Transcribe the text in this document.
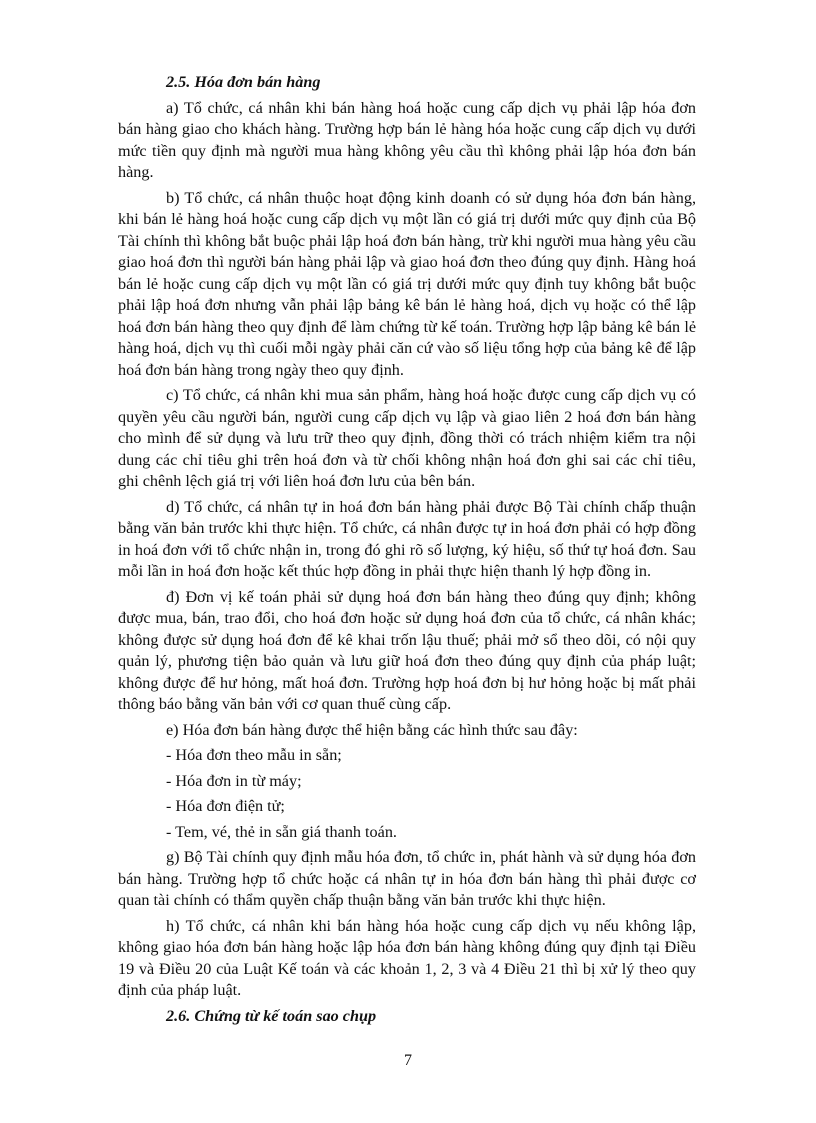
2.5. Hóa đơn bán hàng

a) Tổ chức, cá nhân khi bán hàng hoá hoặc cung cấp dịch vụ phải lập hóa đơn bán hàng giao cho khách hàng. Trường hợp bán lẻ hàng hóa hoặc cung cấp dịch vụ dưới mức tiền quy định mà người mua hàng không yêu cầu thì không phải lập hóa đơn bán hàng.

b) Tổ chức, cá nhân thuộc hoạt động kinh doanh có sử dụng hóa đơn bán hàng, khi bán lẻ hàng hoá hoặc cung cấp dịch vụ một lần có giá trị dưới mức quy định của Bộ Tài chính thì không bắt buộc phải lập hoá đơn bán hàng, trừ khi người mua hàng yêu cầu giao hoá đơn thì người bán hàng phải lập và giao hoá đơn theo đúng quy định. Hàng hoá bán lẻ hoặc cung cấp dịch vụ một lần có giá trị dưới mức quy định tuy không bắt buộc phải lập hoá đơn nhưng vẫn phải lập bảng kê bán lẻ hàng hoá, dịch vụ hoặc có thể lập hoá đơn bán hàng theo quy định để làm chứng từ kế toán. Trường hợp lập bảng kê bán lẻ hàng hoá, dịch vụ thì cuối mỗi ngày phải căn cứ vào số liệu tổng hợp của bảng kê để lập hoá đơn bán hàng trong ngày theo quy định.

c) Tổ chức, cá nhân khi mua sản phẩm, hàng hoá hoặc được cung cấp dịch vụ có quyền yêu cầu người bán, người cung cấp dịch vụ lập và giao liên 2 hoá đơn bán hàng cho mình để sử dụng và lưu trữ theo quy định, đồng thời có trách nhiệm kiểm tra nội dung các chỉ tiêu ghi trên hoá đơn và từ chối không nhận hoá đơn ghi sai các chỉ tiêu, ghi chênh lệch giá trị với liên hoá đơn lưu của bên bán.

d) Tổ chức, cá nhân tự in hoá đơn bán hàng phải được Bộ Tài chính chấp thuận bằng văn bản trước khi thực hiện. Tổ chức, cá nhân được tự in hoá đơn phải có hợp đồng in hoá đơn với tổ chức nhận in, trong đó ghi rõ số lượng, ký hiệu, số thứ tự hoá đơn. Sau mỗi lần in hoá đơn hoặc kết thúc hợp đồng in phải thực hiện thanh lý hợp đồng in.

đ) Đơn vị kế toán phải sử dụng hoá đơn bán hàng theo đúng quy định; không được mua, bán, trao đổi, cho hoá đơn hoặc sử dụng hoá đơn của tổ chức, cá nhân khác; không được sử dụng hoá đơn để kê khai trốn lậu thuế; phải mở sổ theo dõi, có nội quy quản lý, phương tiện bảo quản và lưu giữ hoá đơn theo đúng quy định của pháp luật; không được để hư hỏng, mất hoá đơn. Trường hợp hoá đơn bị hư hỏng hoặc bị mất phải thông báo bằng văn bản với cơ quan thuế cùng cấp.

e) Hóa đơn bán hàng được thể hiện bằng các hình thức sau đây:

- Hóa đơn theo mẫu in sẵn;

- Hóa đơn in từ máy;

- Hóa đơn điện tử;

- Tem, vé, thẻ in sẵn giá thanh toán.

g) Bộ Tài chính quy định mẫu hóa đơn, tổ chức in, phát hành và sử dụng hóa đơn bán hàng. Trường hợp tổ chức hoặc cá nhân tự in hóa đơn bán hàng thì phải được cơ quan tài chính có thẩm quyền chấp thuận bằng văn bản trước khi thực hiện.

h) Tổ chức, cá nhân khi bán hàng hóa hoặc cung cấp dịch vụ nếu không lập, không giao hóa đơn bán hàng hoặc lập hóa đơn bán hàng không đúng quy định tại Điều 19 và Điều 20 của Luật Kế toán và các khoản 1, 2, 3 và 4 Điều 21 thì bị xử lý theo quy định của pháp luật.

2.6. Chứng từ kế toán sao chụp

7
